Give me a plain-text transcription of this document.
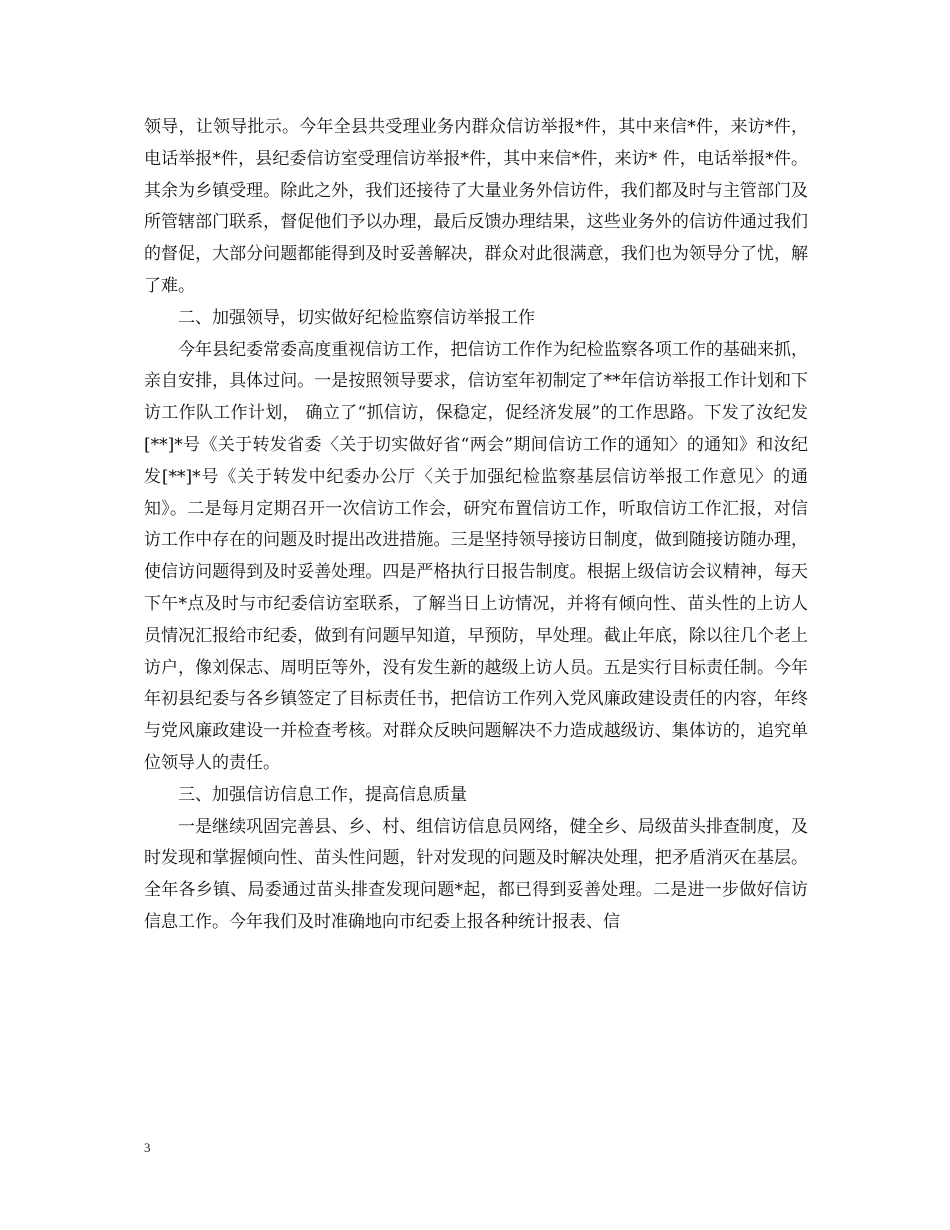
领导，让领导批示。今年全县共受理业务内群众信访举报*件，其中来信*件，来访*件，电话举报*件，县纪委信访室受理信访举报*件，其中来信*件，来访* 件，电话举报*件。其余为乡镇受理。除此之外，我们还接待了大量业务外信访件，我们都及时与主管部门及所管辖部门联系，督促他们予以办理，最后反馈办理结果，这些业务外的信访件通过我们的督促，大部分问题都能得到及时妥善解决，群众对此很满意，我们也为领导分了忧，解了难。

二、加强领导，切实做好纪检监察信访举报工作

今年县纪委常委高度重视信访工作，把信访工作作为纪检监察各项工作的基础来抓，亲自安排，具体过问。一是按照领导要求，信访室年初制定了**年信访举报工作计划和下访工作队工作计划， 确立了“抓信访，保稳定，促经济发展”的工作思路。下发了汝纪发[**]*号《关于转发省委〈关于切实做好省“两会”期间信访工作的通知〉的通知》和汝纪发[**]*号《关于转发中纪委办公厅〈关于加强纪检监察基层信访举报工作意见〉的通知》。二是每月定期召开一次信访工作会，研究布置信访工作，听取信访工作汇报，对信访工作中存在的问题及时提出改进措施。三是坚持领导接访日制度，做到随接访随办理，使信访问题得到及时妥善处理。四是严格执行日报告制度。根据上级信访会议精神，每天下午*点及时与市纪委信访室联系，了解当日上访情况，并将有倾向性、苗头性的上访人员情况汇报给市纪委，做到有问题早知道，早预防，早处理。截止年底，除以往几个老上访户，像刘保志、周明臣等外，没有发生新的越级上访人员。五是实行目标责任制。今年年初县纪委与各乡镇签定了目标责任书，把信访工作列入党风廉政建设责任的内容，年终与党风廉政建设一并检查考核。对群众反映问题解决不力造成越级访、集体访的，追究单位领导人的责任。

三、加强信访信息工作，提高信息质量

一是继续巩固完善县、乡、村、组信访信息员网络，健全乡、局级苗头排查制度，及时发现和掌握倾向性、苗头性问题，针对发现的问题及时解决处理，把矛盾消灭在基层。全年各乡镇、局委通过苗头排查发现问题*起，都已得到妥善处理。二是进一步做好信访信息工作。今年我们及时准确地向市纪委上报各种统计报表、信

3
